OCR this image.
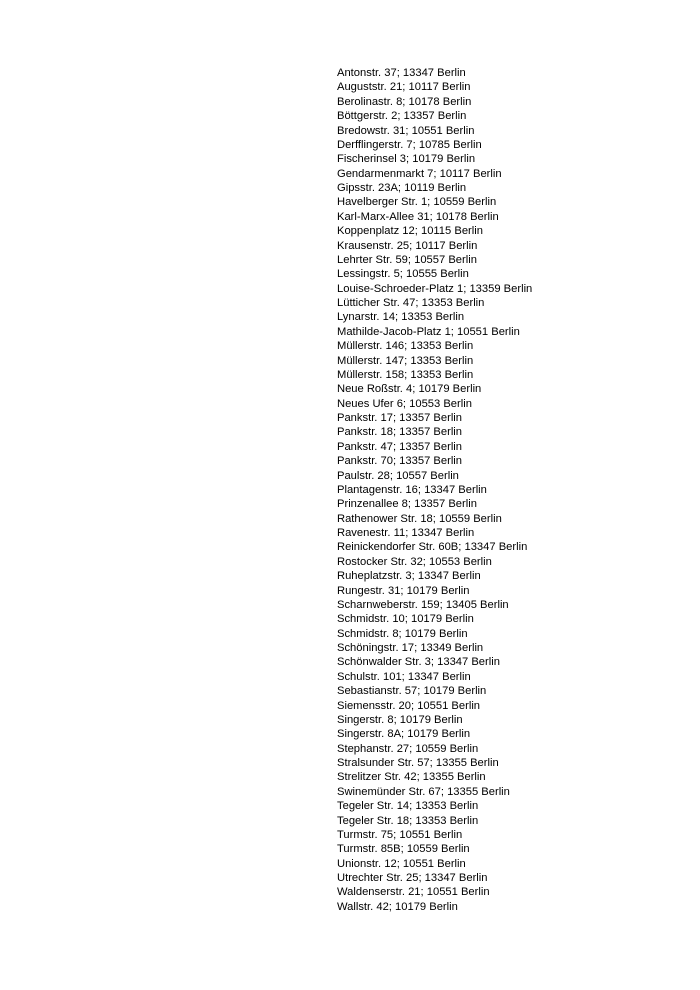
Antonstr. 37; 13347 Berlin
Auguststr. 21; 10117 Berlin
Berolinastr. 8; 10178 Berlin
Böttgerstr. 2; 13357 Berlin
Bredowstr. 31; 10551 Berlin
Derfflingerstr. 7; 10785 Berlin
Fischerinsel 3; 10179 Berlin
Gendarmenmarkt 7; 10117 Berlin
Gipsstr. 23A; 10119 Berlin
Havelberger Str. 1; 10559 Berlin
Karl-Marx-Allee 31; 10178 Berlin
Koppenplatz 12; 10115 Berlin
Krausenstr. 25; 10117 Berlin
Lehrter Str. 59; 10557 Berlin
Lessingstr. 5; 10555 Berlin
Louise-Schroeder-Platz 1; 13359 Berlin
Lütticher Str. 47; 13353 Berlin
Lynarstr. 14; 13353 Berlin
Mathilde-Jacob-Platz 1; 10551 Berlin
Müllerstr. 146; 13353 Berlin
Müllerstr. 147; 13353 Berlin
Müllerstr. 158; 13353 Berlin
Neue Roßstr. 4; 10179 Berlin
Neues Ufer 6; 10553 Berlin
Pankstr. 17; 13357 Berlin
Pankstr. 18; 13357 Berlin
Pankstr. 47; 13357 Berlin
Pankstr. 70; 13357 Berlin
Paulstr. 28; 10557 Berlin
Plantagenstr. 16; 13347 Berlin
Prinzenallee 8; 13357 Berlin
Rathenower Str. 18; 10559 Berlin
Ravenestr. 11; 13347 Berlin
Reinickendorfer Str. 60B; 13347 Berlin
Rostocker Str. 32; 10553 Berlin
Ruheplatzstr. 3; 13347 Berlin
Rungestr. 31; 10179 Berlin
Scharnweberstr. 159; 13405 Berlin
Schmidstr. 10; 10179 Berlin
Schmidstr. 8; 10179 Berlin
Schöningstr. 17; 13349 Berlin
Schönwalder Str. 3; 13347 Berlin
Schulstr. 101; 13347 Berlin
Sebastianstr. 57; 10179 Berlin
Siemensstr. 20; 10551 Berlin
Singerstr. 8; 10179 Berlin
Singerstr. 8A; 10179 Berlin
Stephanstr. 27; 10559 Berlin
Stralsunder Str. 57; 13355 Berlin
Strelitzer Str. 42; 13355 Berlin
Swinemünder Str. 67; 13355 Berlin
Tegeler Str. 14; 13353 Berlin
Tegeler Str. 18; 13353 Berlin
Turmstr. 75; 10551 Berlin
Turmstr. 85B; 10559 Berlin
Unionstr. 12; 10551 Berlin
Utrechter Str. 25; 13347 Berlin
Waldenserstr. 21; 10551 Berlin
Wallstr. 42; 10179 Berlin
